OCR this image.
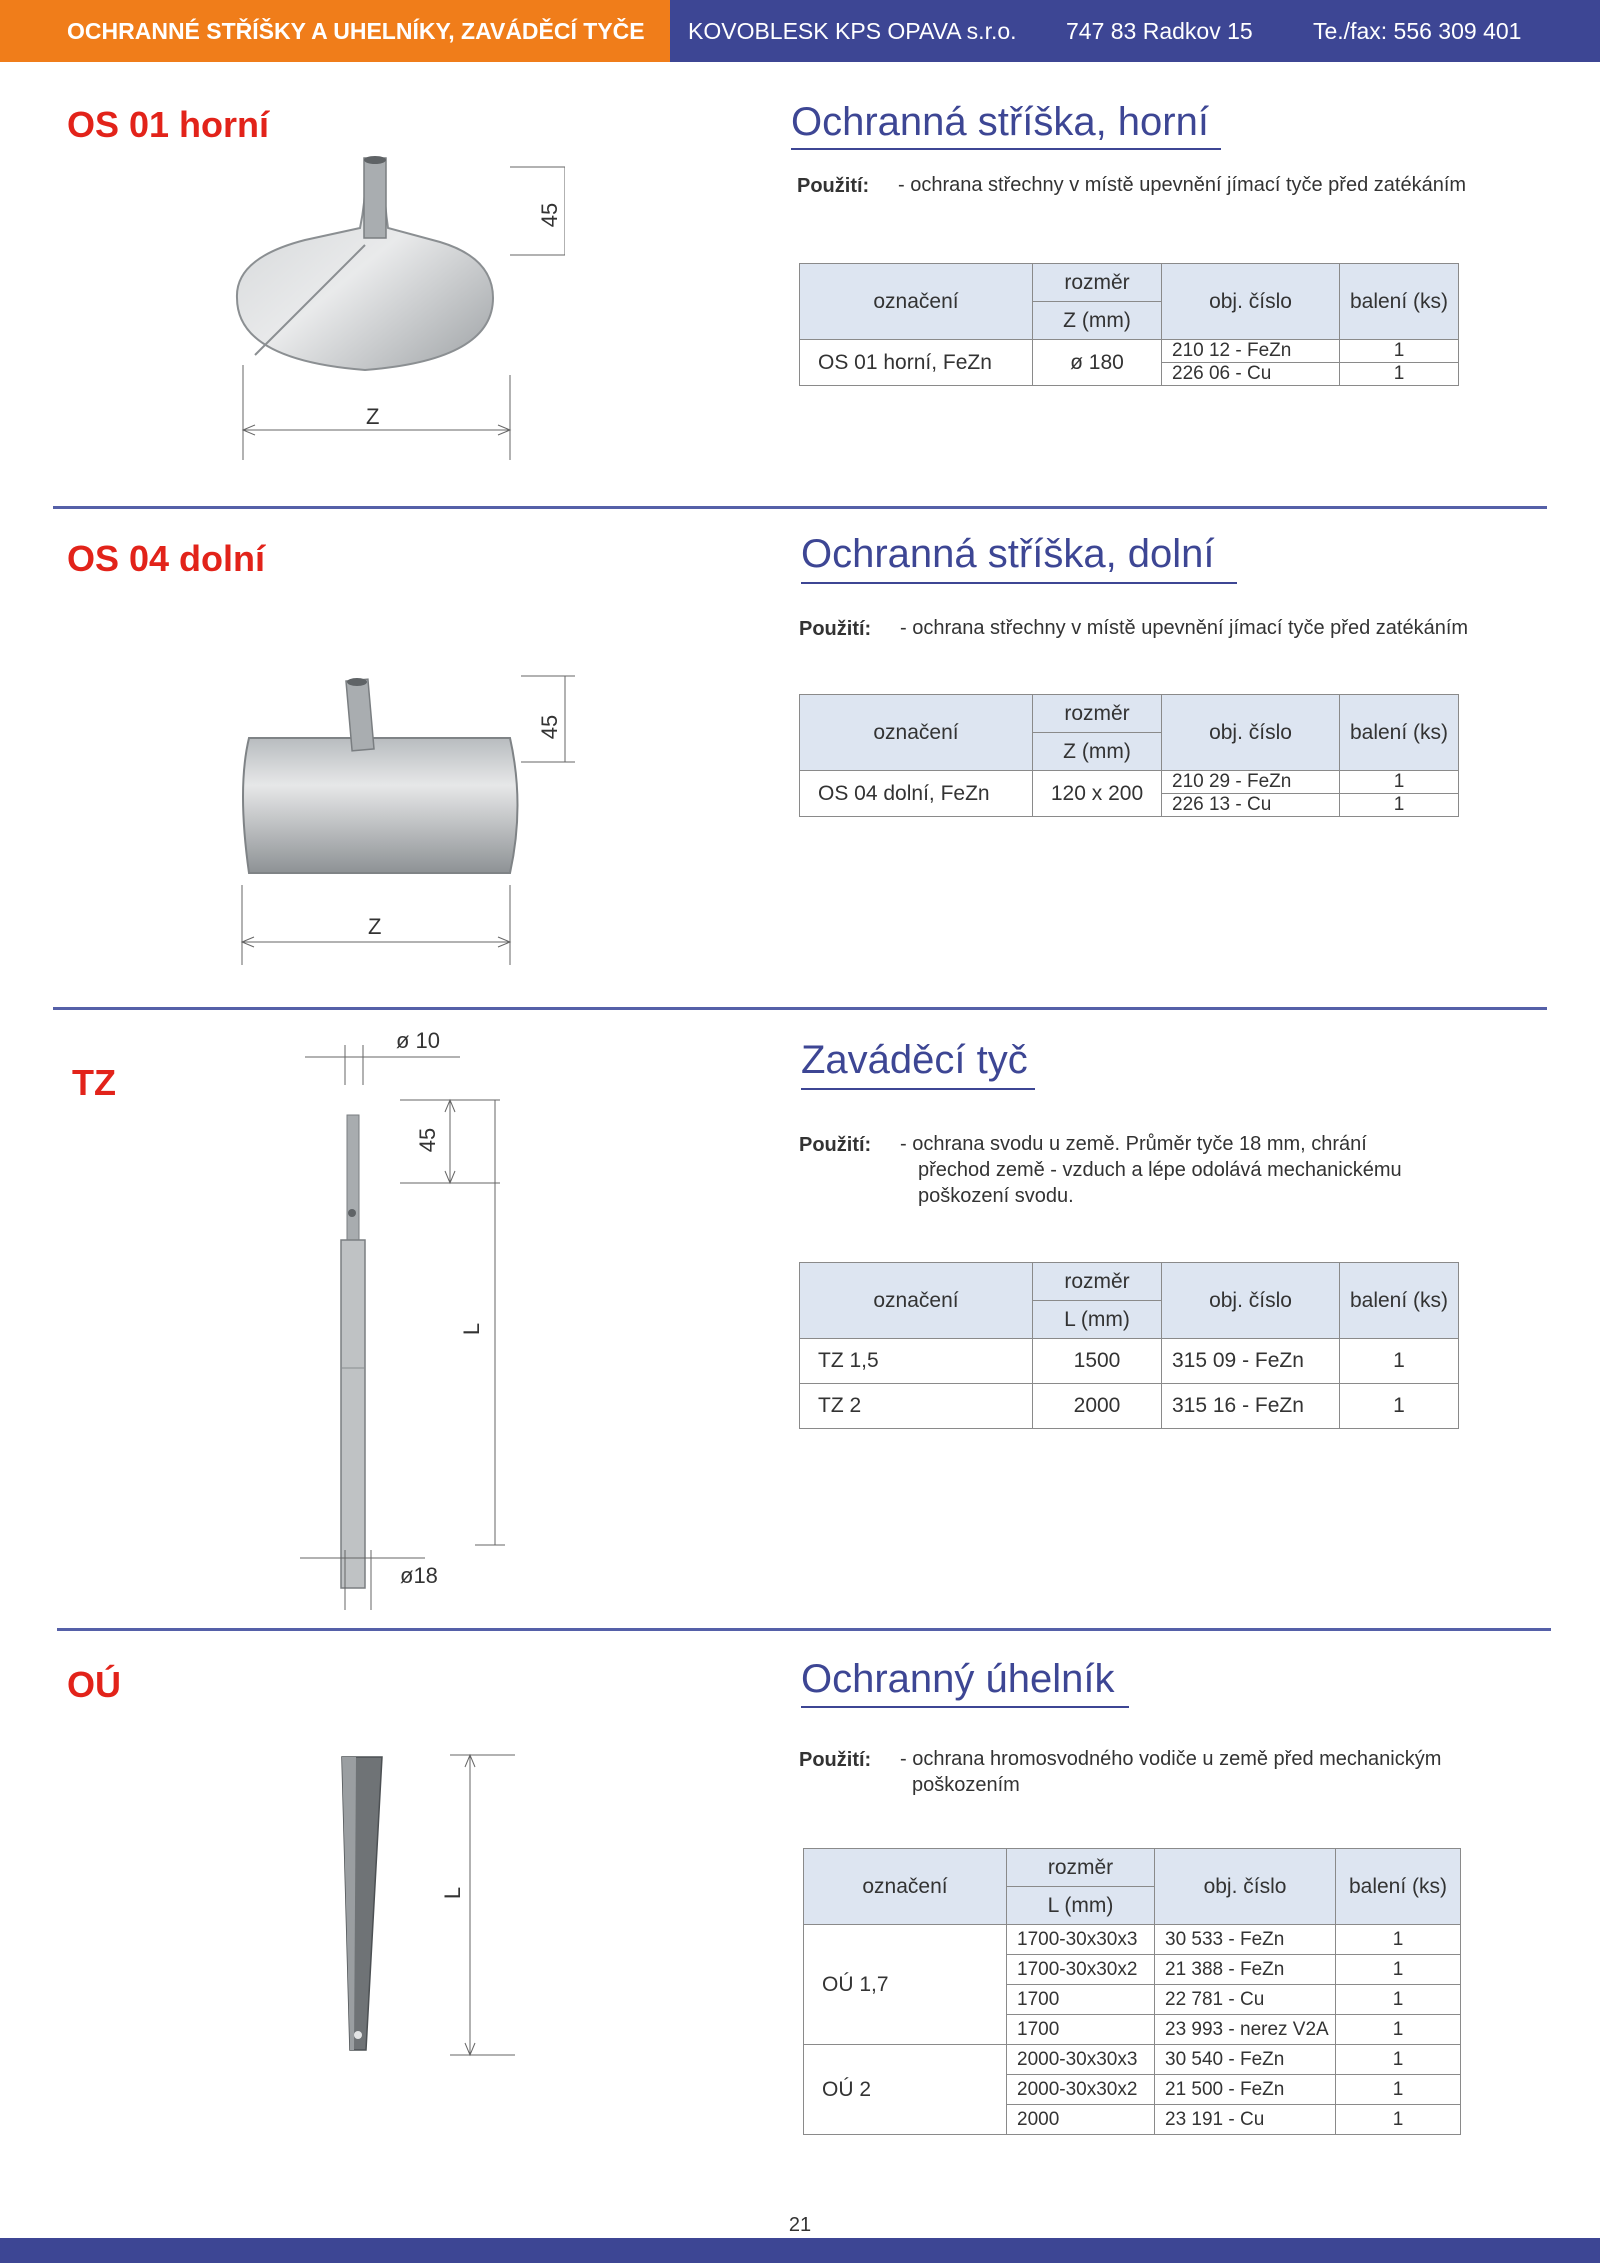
OCHRANNÉ STŘÍŠKY A UHELNÍKY, ZAVÁDĚCÍ TYČE KOVOBLESK KPS OPAVA s.r.o. 747 83 Radkov 15	Te./fax: 556 309 401
OS 01 horní	Ochranná stříška, horní
Použití: - ochrana střechny v místě upevnění jímací tyče před zatékáním
45
Z
označení	rozměr	obj. číslo	balení (ks)
	Z (mm)		
OS 01 horní, FeZn	ø 180	210 12 - FeZn	1
		226 06 - Cu	1
OS 04 dolní	Ochranná stříška, dolní
Použití: - ochrana střechny v místě upevnění jímací tyče před zatékáním
45
Z
označení	rozměr	obj. číslo	balení (ks)
	Z (mm)		
OS 04 dolní, FeZn	120 x 200	210 29 - FeZn	1
		226 13 - Cu	1
TZ
Zaváděcí tyč
Použití: - ochrana svodu u země. Průměr tyče 18 mm, chrání
přechod země - vzduch a lépe odolává mechanickému
poškození svodu.
ø 10
45
L
ø18
označení	rozměr	obj. číslo	balení (ks)
	L (mm)		
TZ 1,5	1500	315 09 - FeZn	1
TZ 2	2000	315 16 - FeZn	1
OÚ	Ochranný úhelník
Použití: - ochrana hromosvodného vodiče u země před mechanickým
poškozením
L	označení	rozměr	obj. číslo	balení (ks)
	L (mm)		
OÚ 1,7	1700-30x30x3	30 533 - FeZn	1
	1700-30x30x2	21 388 - FeZn	1
	1700	22 781 - Cu	1
	1700	23 993 - nerez V2A	1
OÚ 2	2000-30x30x3	30 540 - FeZn	1
	2000-30x30x2	21 500 - FeZn	1
	2000	23 191 - Cu	1
21
